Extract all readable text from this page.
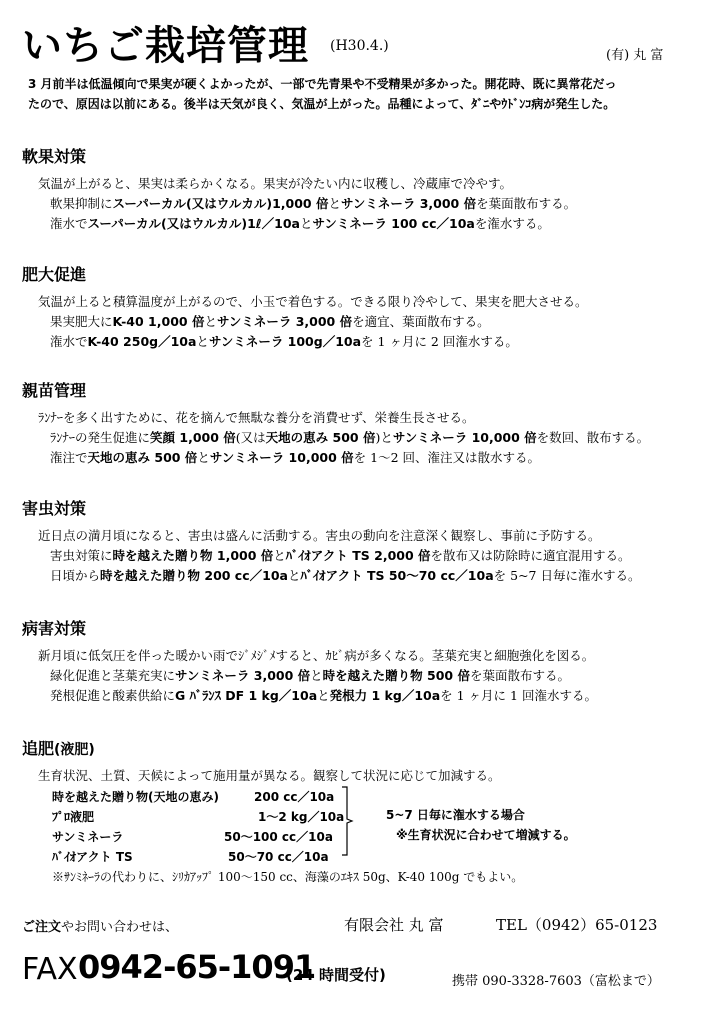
いちご栽培管理 (H30.4.)
(有) 丸 富
3 月前半は低温傾向で果実が硬くよかったが、一部で先青果や不受精果が多かった。開花時、既に異常花だっ
たので、原因は以前にある。後半は天気が良く、気温が上がった。品種によって、ﾀﾞﾆやｳﾄﾞﾝｺ病が発生した。
軟果対策
気温が上がると、果実は柔らかくなる。果実が冷たい内に収穫し、冷蔵庫で冷やす。
軟果抑制にスーパーカル(又はウルカル)1,000 倍とサンミネーラ 3,000 倍を葉面散布する。
潅水でスーパーカル(又はウルカル)1ℓ／10aとサンミネーラ 100 cc／10aを潅水する。
肥大促進
気温が上ると積算温度が上がるので、小玉で着色する。できる限り冷やして、果実を肥大させる。
果実肥大にK-40 1,000 倍とサンミネーラ 3,000 倍を適宜、葉面散布する。
潅水でK-40 250g／10aとサンミネーラ 100g／10aを 1 ヶ月に 2 回潅水する。
親苗管理
ﾗﾝﾅｰを多く出すために、花を摘んで無駄な養分を消費せず、栄養生長させる。
ﾗﾝﾅｰの発生促進に笑顔 1,000 倍(又は天地の恵み 500 倍)とサンミネーラ 10,000 倍を数回、散布する。
潅注で天地の恵み 500 倍とサンミネーラ 10,000 倍を 1～2 回、潅注又は散水する。
害虫対策
近日点の満月頃になると、害虫は盛んに活動する。害虫の動向を注意深く観察し、事前に予防する。
害虫対策に時を越えた贈り物 1,000 倍とﾊﾞｲｵアクト TS 2,000 倍を散布又は防除時に適宜混用する。
日頃から時を越えた贈り物 200 cc／10aとﾊﾞｲｵアクト TS 50～70 cc／10aを 5~7 日毎に潅水する。
病害対策
新月頃に低気圧を伴った暖かい雨でｼﾞﾒｼﾞﾒすると、ｶﾋﾞ病が多くなる。茎葉充実と細胞強化を図る。
緑化促進と茎葉充実にサンミネーラ 3,000 倍と時を越えた贈り物 500 倍を葉面散布する。
発根促進と酸素供給にG ﾊﾞﾗﾝｽ DF 1 kg／10aと発根力 1 kg／10aを 1 ヶ月に 1 回潅水する。
追肥(液肥)
生育状況、土質、天候によって施用量が異なる。観察して状況に応じて加減する。
時を越えた贈り物(天地の恵み)	200 cc／10a
ﾌﾟﾛ液肥	1～2 kg／10a
サンミネーラ	50～100 cc／10a
ﾊﾞｲｵアクト TS	50～70 cc／10a
5~7 日毎に潅水する場合
※生育状況に合わせて増減する。
※ｻﾝﾐﾈｰﾗの代わりに、ｼﾘｶｱｯﾌﾟ 100～150 cc、海藻のｴｷｽ 50g、K-40 100g でもよい。
ご注文やお問い合わせは、	有限会社 丸 富	TEL（0942）65-0123
FAX 0942-65-1091
(24 時間受付)	携帯 090-3328-7603（富松まで）
